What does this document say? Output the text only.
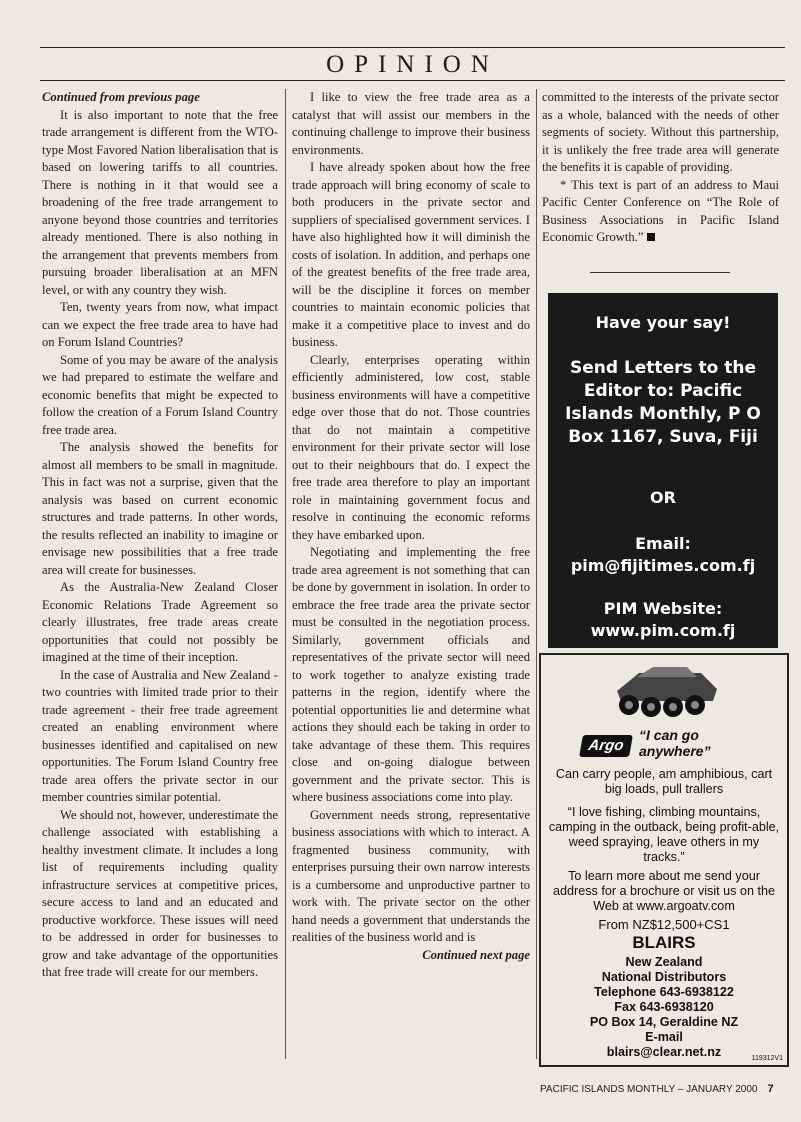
OPINION

Continued from previous page

It is also important to note that the free trade arrangement is different from the WTO-type Most Favored Nation liberalisation that is based on lowering tariffs to all countries. There is nothing in it that would see a broadening of the free trade arrangement to anyone beyond those countries and territories already mentioned. There is also nothing in the arrangement that prevents members from pursuing broader liberalisation at an MFN level, or with any country they wish.

Ten, twenty years from now, what impact can we expect the free trade area to have had on Forum Island Countries?

Some of you may be aware of the analysis we had prepared to estimate the welfare and economic benefits that might be expected to follow the creation of a Forum Island Country free trade area.

The analysis showed the benefits for almost all members to be small in magnitude. This in fact was not a surprise, given that the analysis was based on current economic structures and trade patterns. In other words, the results reflected an inability to imagine or envisage new possibilities that a free trade area will create for businesses.

As the Australia-New Zealand Closer Economic Relations Trade Agreement so clearly illustrates, free trade areas create opportunities that could not possibly be imagined at the time of their inception.

In the case of Australia and New Zealand - two countries with limited trade prior to their trade agreement - their free trade agreement created an enabling environment where businesses identified and capitalised on new opportunities. The Forum Island Country free trade area offers the private sector in our member countries similar potential.

We should not, however, underestimate the challenge associated with establishing a healthy investment climate. It includes a long list of requirements including quality infrastructure services at competitive prices, secure access to land and an educated and productive workforce. These issues will need to be addressed in order for businesses to grow and take advantage of the opportunities that free trade will create for our members.

I like to view the free trade area as a catalyst that will assist our members in the continuing challenge to improve their business environments.

I have already spoken about how the free trade approach will bring economy of scale to both producers in the private sector and suppliers of specialised government services. I have also highlighted how it will diminish the costs of isolation. In addition, and perhaps one of the greatest benefits of the free trade area, will be the discipline it forces on member countries to maintain economic policies that make it a competitive place to invest and do business.

Clearly, enterprises operating within efficiently administered, low cost, stable business environments will have a competitive edge over those that do not. Those countries that do not maintain a competitive environment for their private sector will lose out to their neighbours that do. I expect the free trade area therefore to play an important role in maintaining government focus and resolve in continuing the economic reforms they have embarked upon.

Negotiating and implementing the free trade area agreement is not something that can be done by government in isolation. In order to embrace the free trade area the private sector must be consulted in the negotiation process. Similarly, government officials and representatives of the private sector will need to work together to analyze existing trade patterns in the region, identify where the potential opportunities lie and determine what actions they should each be taking in order to take advantage of these them. This requires close and on-going dialogue between government and the private sector. This is where business associations come into play.

Government needs strong, representative business associations with which to interact. A fragmented business community, with enterprises pursuing their own narrow interests is a cumbersome and unproductive partner to work with. The private sector on the other hand needs a government that understands the realities of the business world and is

Continued next page

committed to the interests of the private sector as a whole, balanced with the needs of other segments of society. Without this partnership, it is unlikely the free trade area will generate the benefits it is capable of providing.

* This text is part of an address to Maui Pacific Center Conference on “The Role of Business Associations in Pacific Island Economic Growth.”

Have your say!
Send Letters to the Editor to: Pacific Islands Monthly, P O Box 1167, Suva, Fiji
OR
Email: pim@fijitimes.com.fj
PIM Website: www.pim.com.fj
Argo
“I can go anywhere”
Can carry people, am amphibious, cart big loads, pull trallers
“I love fishing, climbing mountains, camping in the outback, being profit-able, weed spraying, leave others in my tracks.”
To learn more about me send your address for a brochure or visit us on the Web at www.argoatv.com
From NZ$12,500+CS1
BLAIRS
New Zealand
National Distributors
Telephone 643-6938122
Fax 643-6938120
PO Box 14, Geraldine NZ
E-mail
blairs@clear.net.nz	119312V1
PACIFIC ISLANDS MONTHLY – JANUARY 2000 7
